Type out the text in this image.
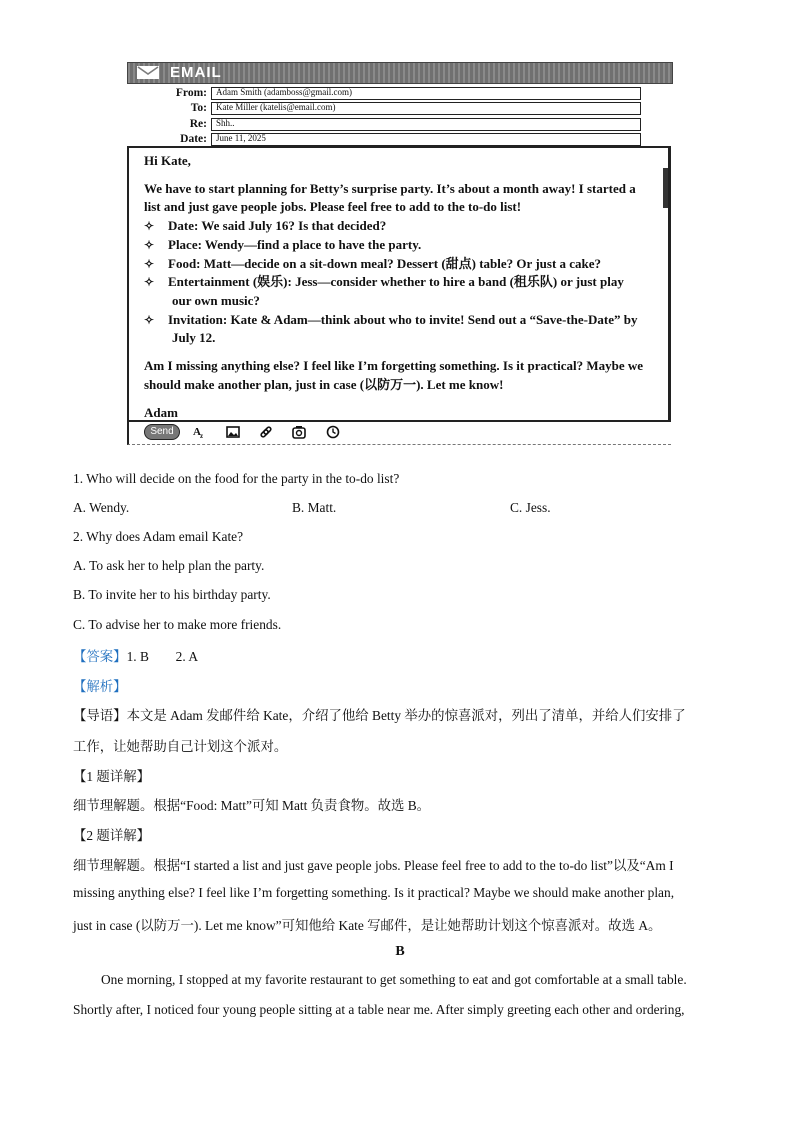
EMAIL
From: Adam Smith (adamboss@gmail.com)
To: Kate Miller (katelis@email.com)
Re: Shh..
Date: June 11, 2025

Hi Kate,

We have to start planning for Betty’s surprise party. It’s about a month away! I started a list and just gave people jobs. Please feel free to add to the to-do list!

✧ Date: We said July 16? Is that decided?

✧ Place: Wendy—find a place to have the party.

✧ Food: Matt—decide on a sit-down meal? Dessert (甜点) table? Or just a cake?

✧ Entertainment (娱乐): Jess—consider whether to hire a band (租乐队) or just play
our own music?

✧ Invitation: Kate & Adam—think about who to invite! Send out a “Save-the-Date” by
July 12.

Am I missing anything else? I feel like I’m forgetting something. Is it practical? Maybe we should make another plan, just in case (以防万一). Let me know!

Adam

Send	A z
1. Who will decide on the food for the party in the to-do list?
A. Wendy.	B. Matt.	C. Jess.
2. Why does Adam email Kate?
A. To ask her to help plan the party.
B. To invite her to his birthday party.
C. To advise her to make more friends.
【答案】1. B        2. A
【解析】
【导语】本文是 Adam 发邮件给 Kate，介绍了他给 Betty 举办的惊喜派对，列出了清单，并给人们安排了
工作，让她帮助自己计划这个派对。
【1 题详解】
细节理解题。根据“Food: Matt”可知 Matt 负责食物。故选 B。
【2 题详解】
细节理解题。根据“I started a list and just gave people jobs. Please feel free to add to the to-do list”以及“Am I
missing anything else? I feel like I’m forgetting something. Is it practical? Maybe we should make another plan,
just in case (以防万一). Let me know”可知他给 Kate 写邮件，是让她帮助计划这个惊喜派对。故选 A。
B
One morning, I stopped at my favorite restaurant to get something to eat and got comfortable at a small table.
Shortly after, I noticed four young people sitting at a table near me. After simply greeting each other and ordering,
